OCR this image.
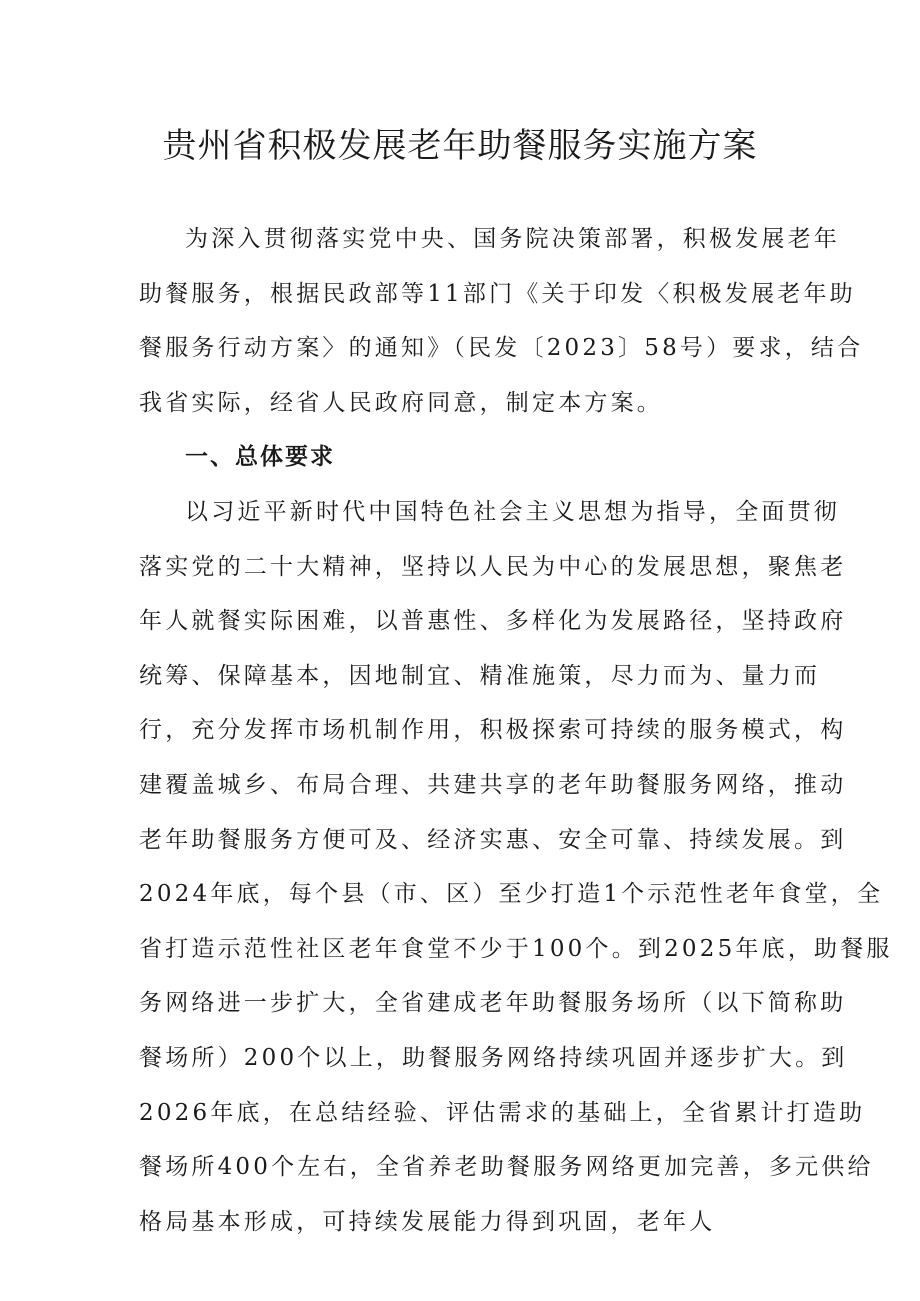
贵州省积极发展老年助餐服务实施方案

为深入贯彻落实党中央、国务院决策部署，积极发展老年

助餐服务，根据民政部等11部门《关于印发〈积极发展老年助

餐服务行动方案〉的通知》（民发〔2023〕58号）要求，结合

我省实际，经省人民政府同意，制定本方案。

一、总体要求

以习近平新时代中国特色社会主义思想为指导，全面贯彻

落实党的二十大精神，坚持以人民为中心的发展思想，聚焦老

年人就餐实际困难，以普惠性、多样化为发展路径，坚持政府

统筹、保障基本，因地制宜、精准施策，尽力而为、量力而

行，充分发挥市场机制作用，积极探索可持续的服务模式，构

建覆盖城乡、布局合理、共建共享的老年助餐服务网络，推动

老年助餐服务方便可及、经济实惠、安全可靠、持续发展。到

2024年底，每个县（市、区）至少打造1个示范性老年食堂，全

省打造示范性社区老年食堂不少于100个。到2025年底，助餐服

务网络进一步扩大，全省建成老年助餐服务场所（以下简称助

餐场所）200个以上，助餐服务网络持续巩固并逐步扩大。到

2026年底，在总结经验、评估需求的基础上，全省累计打造助

餐场所400个左右，全省养老助餐服务网络更加完善，多元供给

格局基本形成，可持续发展能力得到巩固，老年人
